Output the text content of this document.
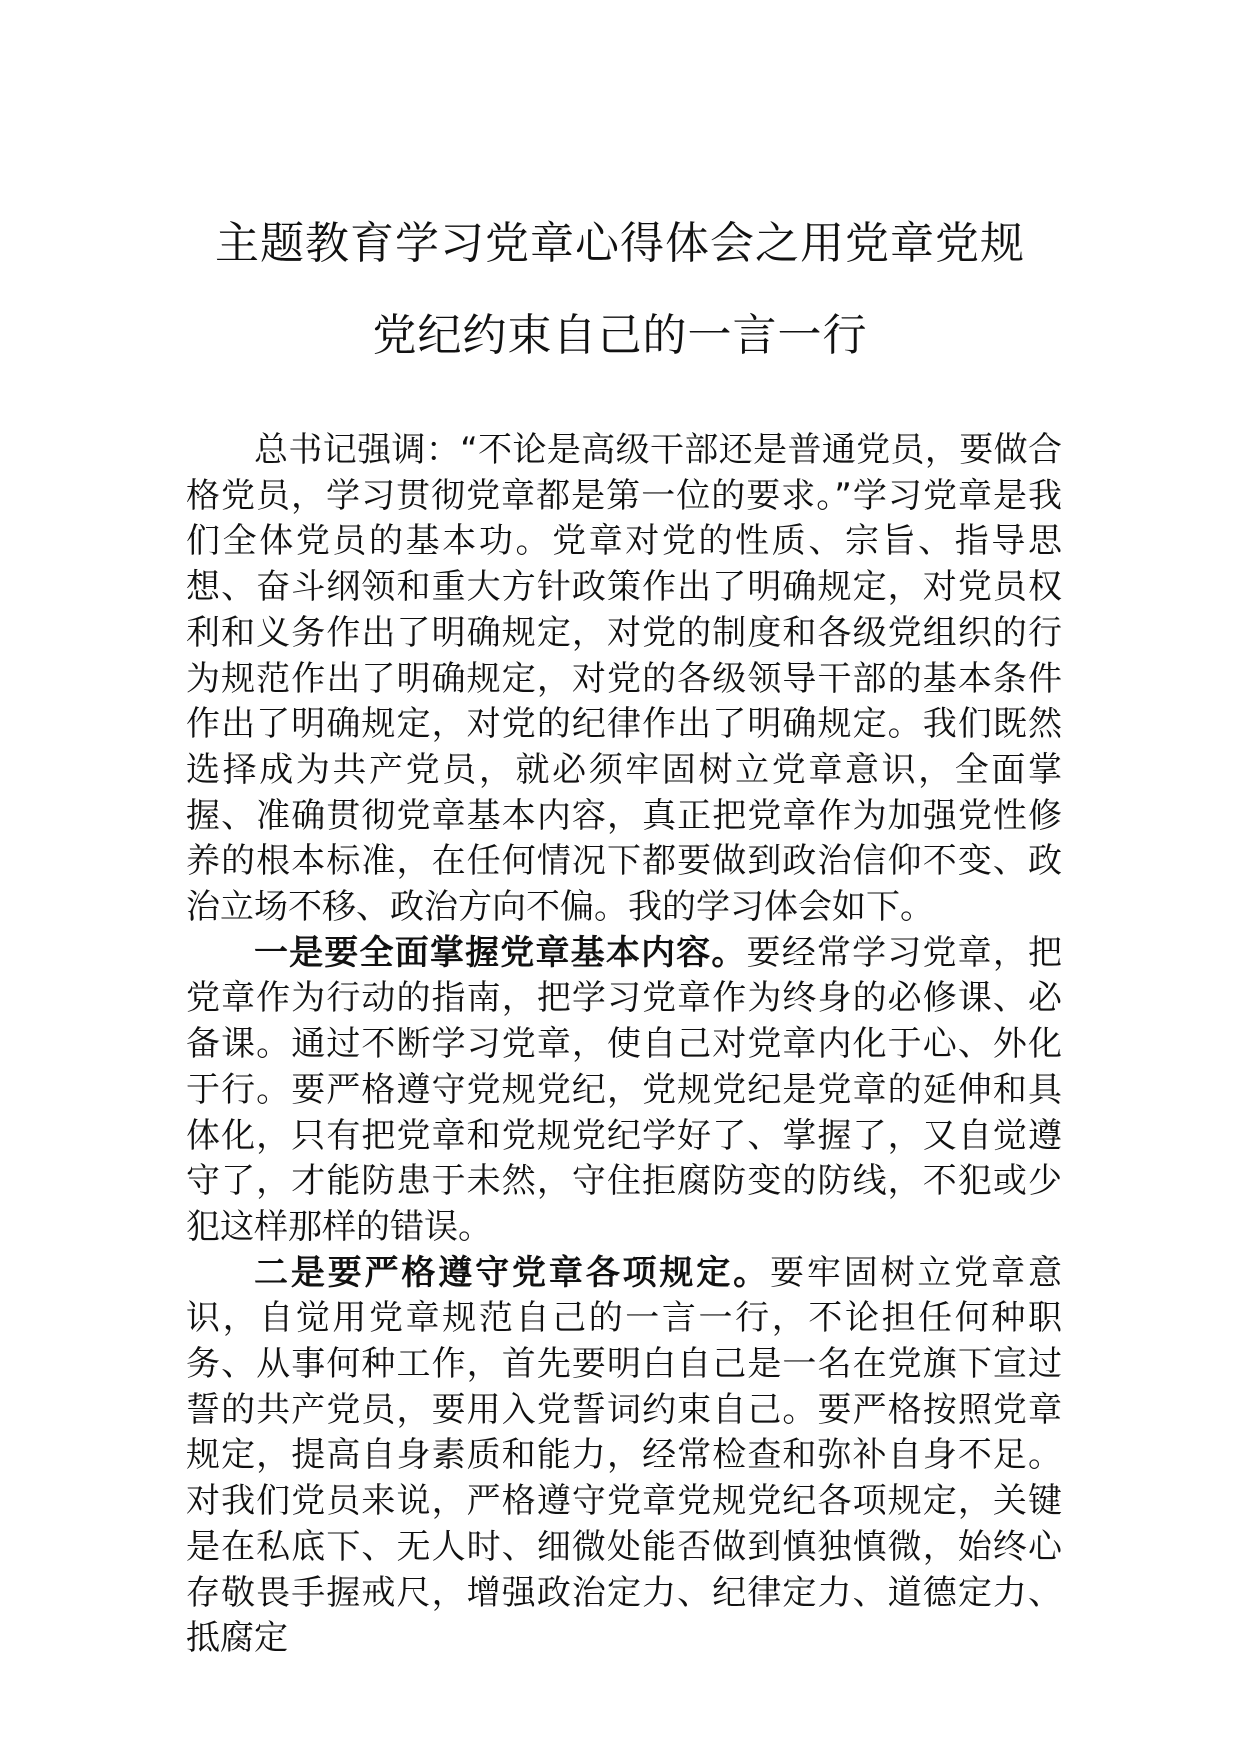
主题教育学习党章心得体会之用党章党规
党纪约束自己的一言一行

总书记强调：“不论是高级干部还是普通党员，要做合格党员，学习贯彻党章都是第一位的要求。”学习党章是我们全体党员的基本功。党章对党的性质、宗旨、指导思想、奋斗纲领和重大方针政策作出了明确规定，对党员权利和义务作出了明确规定，对党的制度和各级党组织的行为规范作出了明确规定，对党的各级领导干部的基本条件作出了明确规定，对党的纪律作出了明确规定。我们既然选择成为共产党员，就必须牢固树立党章意识，全面掌握、准确贯彻党章基本内容，真正把党章作为加强党性修养的根本标准，在任何情况下都要做到政治信仰不变、政治立场不移、政治方向不偏。我的学习体会如下。

一是要全面掌握党章基本内容。要经常学习党章，把党章作为行动的指南，把学习党章作为终身的必修课、必备课。通过不断学习党章，使自己对党章内化于心、外化于行。要严格遵守党规党纪，党规党纪是党章的延伸和具体化，只有把党章和党规党纪学好了、掌握了，又自觉遵守了，才能防患于未然，守住拒腐防变的防线，不犯或少犯这样那样的错误。

二是要严格遵守党章各项规定。要牢固树立党章意识，自觉用党章规范自己的一言一行，不论担任何种职务、从事何种工作，首先要明白自己是一名在党旗下宣过誓的共产党员，要用入党誓词约束自己。要严格按照党章规定，提高自身素质和能力，经常检查和弥补自身不足。对我们党员来说，严格遵守党章党规党纪各项规定，关键是在私底下、无人时、细微处能否做到慎独慎微，始终心存敬畏手握戒尺，增强政治定力、纪律定力、道德定力、抵腐定
